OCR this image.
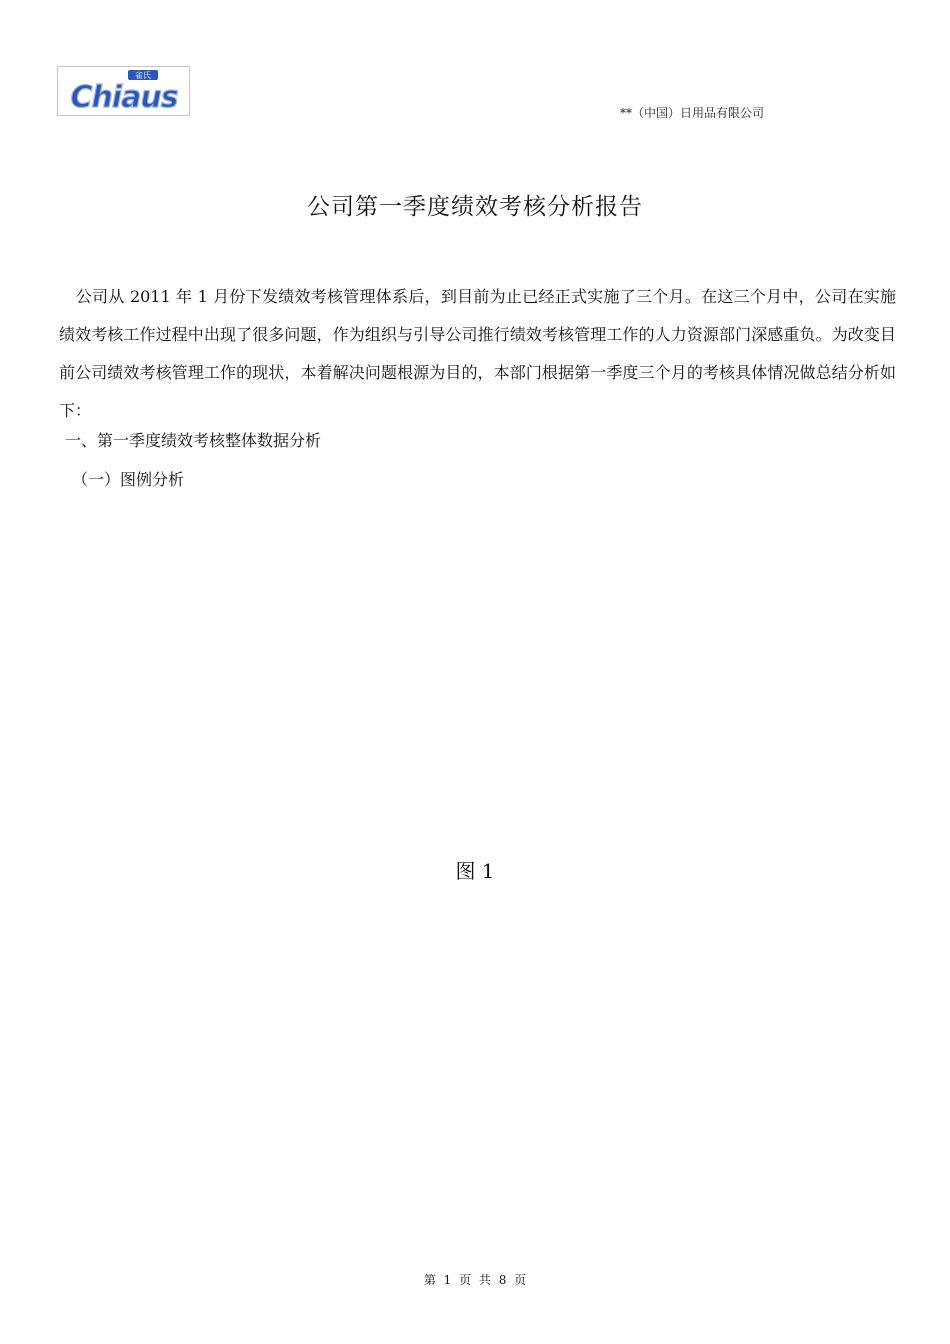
雀氏
Chiaus	**（中国）日用品有限公司
公司第一季度绩效考核分析报告

公司从 2011 年 1 月份下发绩效考核管理体系后，到目前为止已经正式实施了三个月。在这三个月中，公司在实施绩效考核工作过程中出现了很多问题，作为组织与引导公司推行绩效考核管理工作的人力资源部门深感重负。为改变目前公司绩效考核管理工作的现状，本着解决问题根源为目的，本部门根据第一季度三个月的考核具体情况做总结分析如下：

一、第一季度绩效考核整体数据分析
（一）图例分析
图 1
第 1 页 共 8 页
